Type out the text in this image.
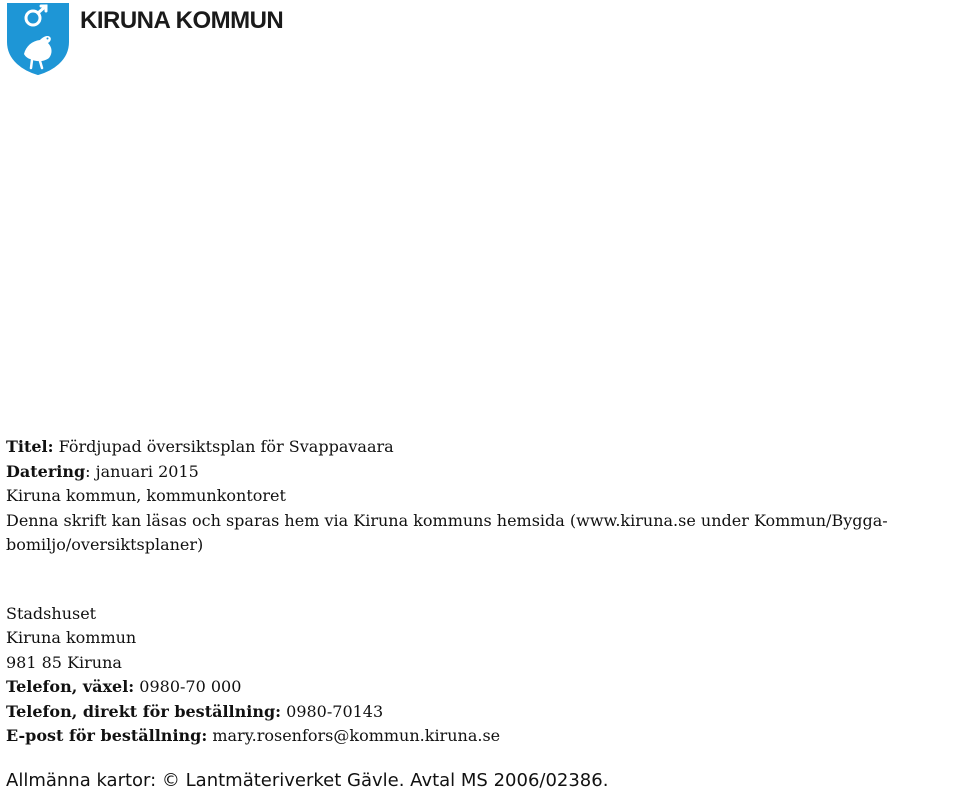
KIRUNA KOMMUN
Titel: Fördjupad översiktsplan för Svappavaara
Datering: januari 2015
Kiruna kommun, kommunkontoret
Denna skrift kan läsas och sparas hem via Kiruna kommuns hemsida (www.kiruna.se under Kommun/Bygga-bomiljo/oversiktsplaner)
Stadshuset
Kiruna kommun
981 85 Kiruna
Telefon, växel: 0980-70 000
Telefon, direkt för beställning: 0980-70143
E-post för beställning: mary.rosenfors@kommun.kiruna.se
Allmänna kartor: © Lantmäteriverket Gävle. Avtal MS 2006/02386.
